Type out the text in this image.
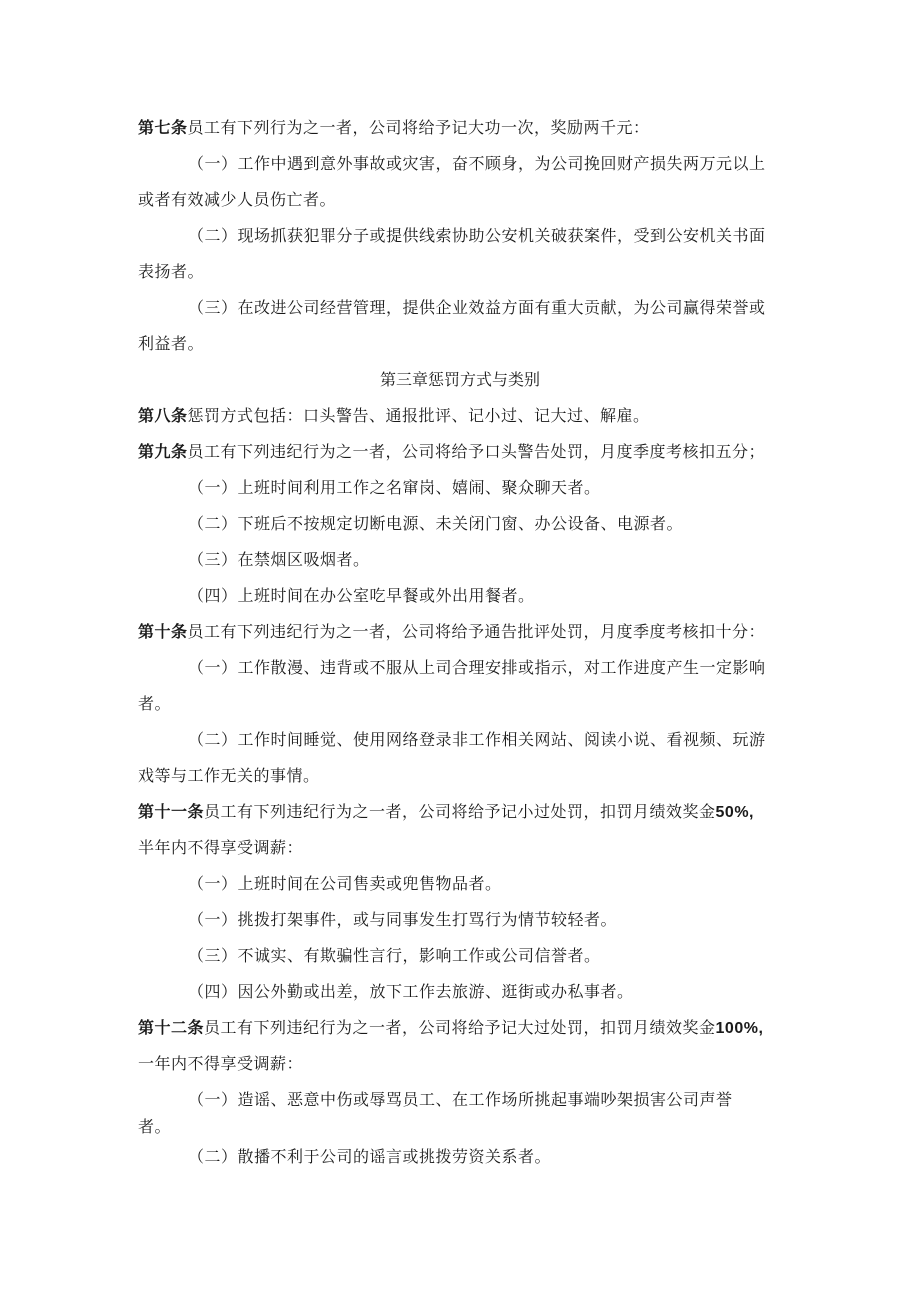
第七条员工有下列行为之一者，公司将给予记大功一次，奖励两千元：
（一）工作中遇到意外事故或灾害，奋不顾身，为公司挽回财产损失两万元以上
或者有效减少人员伤亡者。
（二）现场抓获犯罪分子或提供线索协助公安机关破获案件，受到公安机关书面
表扬者。
（三）在改进公司经营管理，提供企业效益方面有重大贡献，为公司赢得荣誉或
利益者。
第三章惩罚方式与类别
第八条惩罚方式包括：口头警告、通报批评、记小过、记大过、解雇。
第九条员工有下列违纪行为之一者，公司将给予口头警告处罚，月度季度考核扣五分；
（一）上班时间利用工作之名窜岗、嬉闹、聚众聊天者。
（二）下班后不按规定切断电源、未关闭门窗、办公设备、电源者。
（三）在禁烟区吸烟者。
（四）上班时间在办公室吃早餐或外出用餐者。
第十条员工有下列违纪行为之一者，公司将给予通告批评处罚，月度季度考核扣十分：
（一）工作散漫、违背或不服从上司合理安排或指示，对工作进度产生一定影响
者。
（二）工作时间睡觉、使用网络登录非工作相关网站、阅读小说、看视频、玩游
戏等与工作无关的事情。
第十一条员工有下列违纪行为之一者，公司将给予记小过处罚，扣罚月绩效奖金50%,
半年内不得享受调薪：
（一）上班时间在公司售卖或兜售物品者。
（一）挑拨打架事件，或与同事发生打骂行为情节较轻者。
（三）不诚实、有欺骗性言行，影响工作或公司信誉者。
（四）因公外勤或出差，放下工作去旅游、逛街或办私事者。
第十二条员工有下列违纪行为之一者，公司将给予记大过处罚，扣罚月绩效奖金100%,
一年内不得享受调薪：
（一）造谣、恶意中伤或辱骂员工、在工作场所挑起事端吵架损害公司声誉
者。
（二）散播不利于公司的谣言或挑拨劳资关系者。
